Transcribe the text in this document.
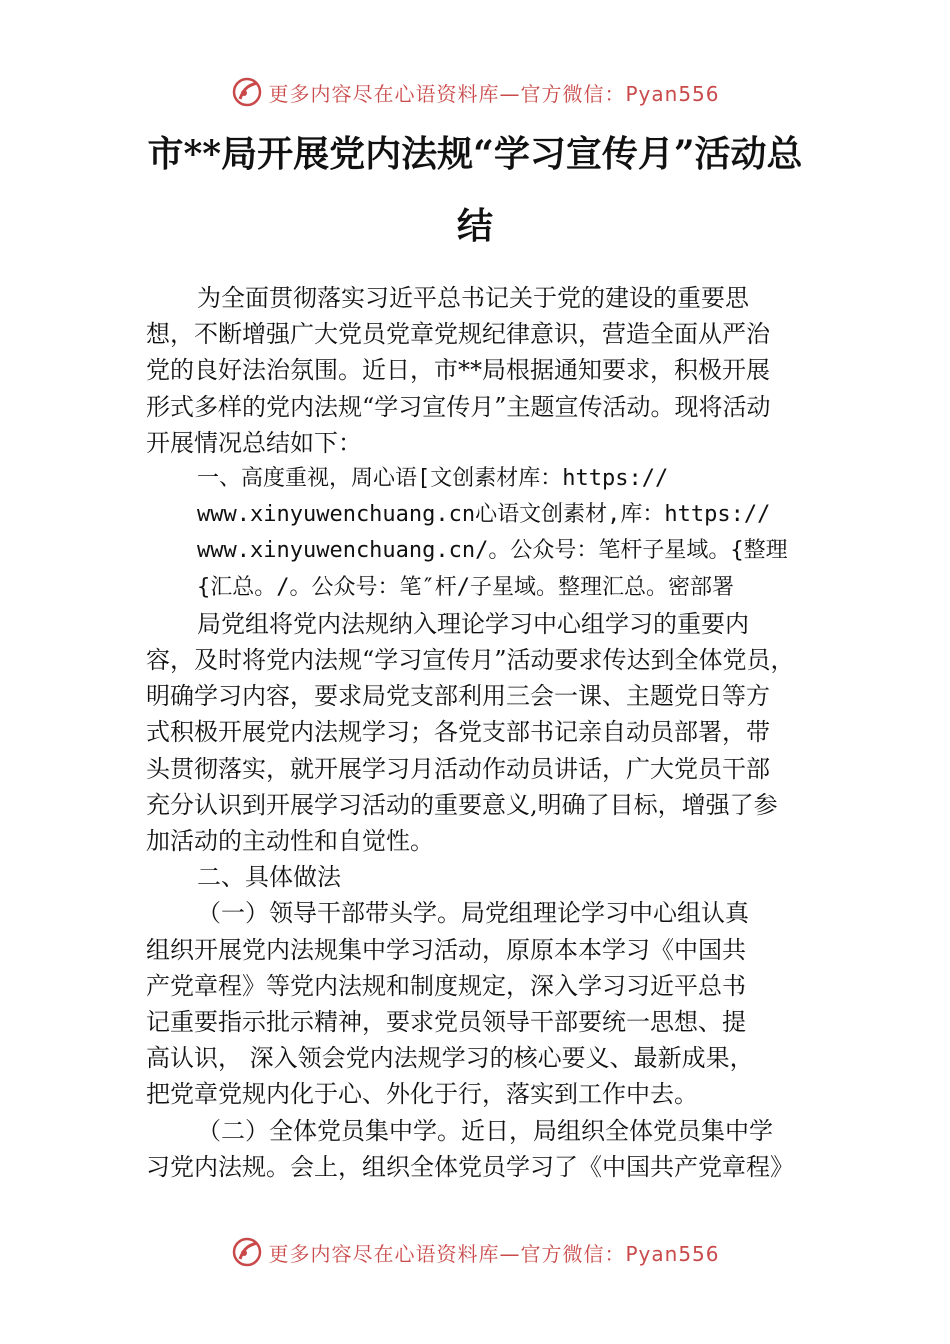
更多内容尽在心语资料库—官方微信：Pyan556
市**局开展党内法规“学习宣传月”活动总
结

为全面贯彻落实习近平总书记关于党的建设的重要思

想，不断增强广大党员党章党规纪律意识，营造全面从严治

党的良好法治氛围。近日，市**局根据通知要求，积极开展

形式多样的党内法规“学习宣传月”主题宣传活动。现将活动

开展情况总结如下：

一、高度重视，周心语[文创素材库：https://

www.xinyuwenchuang.cn心语文创素材,库：https://

www.xinyuwenchuang.cn/。公众号：笔杆子星域。{整理

{汇总。/。公众号：笔″杆/子星域。整理汇总。密部署

局党组将党内法规纳入理论学习中心组学习的重要内

容，及时将党内法规“学习宣传月”活动要求传达到全体党员，

明确学习内容，要求局党支部利用三会一课、主题党日等方

式积极开展党内法规学习；各党支部书记亲自动员部署，带

头贯彻落实，就开展学习月活动作动员讲话，广大党员干部

充分认识到开展学习活动的重要意义,明确了目标，增强了参

加活动的主动性和自觉性。

二、具体做法

（一）领导干部带头学。局党组理论学习中心组认真

组织开展党内法规集中学习活动，原原本本学习《中国共

产党章程》等党内法规和制度规定，深入学习习近平总书

记重要指示批示精神，要求党员领导干部要统一思想、提

高认识， 深入领会党内法规学习的核心要义、最新成果，

把党章党规内化于心、外化于行，落实到工作中去。

（二）全体党员集中学。近日，局组织全体党员集中学

习党内法规。会上，组织全体党员学习了《中国共产党章程》

更多内容尽在心语资料库—官方微信：Pyan556
